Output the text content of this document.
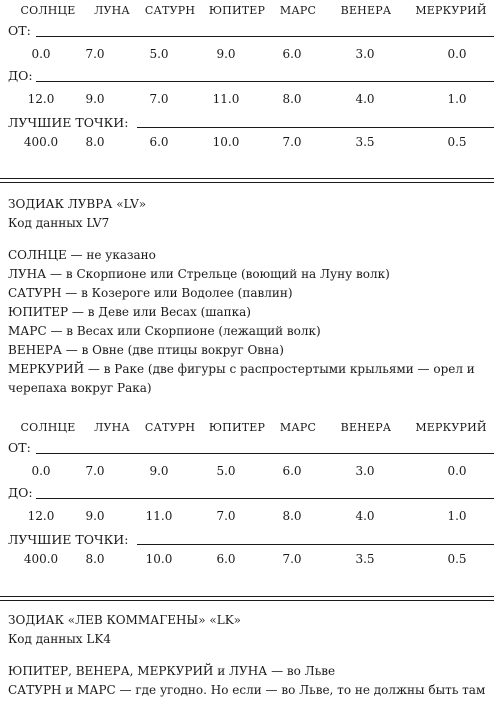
СОЛНЦЕ ЛУНА САТУРН ЮПИТЕР МАРС ВЕНЕРА МЕРКУРИЙ
ОТ:
0.0	7.0	5.0	9.0	6.0	3.0	0.0
ДО:
12.0	9.0	7.0	11.0	8.0	4.0	1.0
ЛУЧШИЕ ТОЧКИ:
400.0 8.0	6.0	10.0	7.0	3.5	0.5
ЗОДИАК ЛУВРА «LV»
Код данных LV7
СОЛНЦЕ — не указано
ЛУНА — в Скорпионе или Стрельце (воющий на Луну волк)
САТУРН — в Козероге или Водолее (павлин)
ЮПИТЕР — в Деве или Весах (шапка)
МАРС — в Весах или Скорпионе (лежащий волк)
ВЕНЕРА — в Овне (две птицы вокруг Овна)
МЕРКУРИЙ — в Раке (две фигуры с распростертыми крыльями — орел и
черепаха вокруг Рака)
СОЛНЦЕ ЛУНА САТУРН ЮПИТЕР МАРС ВЕНЕРА МЕРКУРИЙ
ОТ:
0.0	7.0	9.0	5.0	6.0	3.0	0.0
ДО:
12.0	9.0	11.0	7.0	8.0	4.0	1.0
ЛУЧШИЕ ТОЧКИ:
400.0 8.0	10.0	6.0	7.0	3.5	0.5
ЗОДИАК «ЛЕВ КОММАГЕНЫ» «LK»
Код данных LK4
ЮПИТЕР, ВЕНЕРА, МЕРКУРИЙ и ЛУНА — во Льве
САТУРН и МАРС — где угодно. Но если — во Льве, то не должны быть там
